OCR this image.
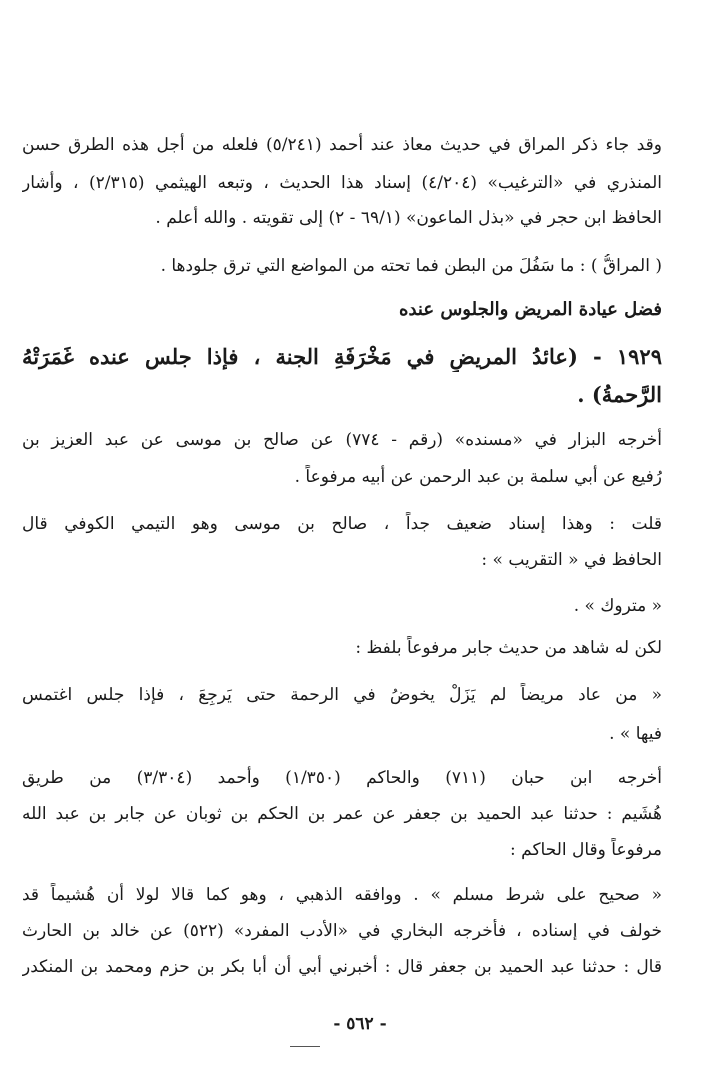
وقد جاء ذكر المراق في حديث معاذ عند أحمد (٥/٢٤١) فلعله من أجل هذه الطرق حسن
المنذري في «الترغيب» (٤/٢٠٤) إسناد هذا الحديث ، وتبعه الهيثمي (٢/٣١٥) ، وأشار
الحافظ ابن حجر في «بذل الماعون» (٦٩/١ - ٢) إلى تقويته . والله أعلم .
( المراقُّ ) : ما سَفُلَ من البطن فما تحته من المواضع التي ترق جلودها .
فضل عيادة المريض والجلوس عنده
١٩٢٩ - (عائدُ المريضِ في مَخْرَفَةِ الجنة ، فإذا جلس عنده غَمَرَتْهُ
الرَّحمةُ) .
أخرجه البزار في «مسنده» (رقم - ٧٧٤) عن صالح بن موسى عن عبد العزيز بن
رُفيع عن أبي سلمة بن عبد الرحمن عن أبيه مرفوعاً .
قلت : وهذا إسناد ضعيف جداً ، صالح بن موسى وهو التيمي الكوفي قال
الحافظ في « التقريب » :
« متروك » .
لكن له شاهد من حديث جابر مرفوعاً بلفظ :
« من عاد مريضاً لم يَزَلْ يخوضُ في الرحمة حتى يَرجِعَ ، فإذا جلس اغتمس
فيها » .
أخرجه ابن حبان (٧١١) والحاكم (١/٣٥٠) وأحمد (٣/٣٠٤) من طريق
هُشَيم : حدثنا عبد الحميد بن جعفر عن عمر بن الحكم بن ثوبان عن جابر بن عبد الله
مرفوعاً وقال الحاكم :
« صحيح على شرط مسلم » . ووافقه الذهبي ، وهو كما قالا لولا أن هُشيماً قد
خولف في إسناده ، فأخرجه البخاري في «الأدب المفرد» (٥٢٢) عن خالد بن الحارث
قال : حدثنا عبد الحميد بن جعفر قال : أخبرني أبي أن أبا بكر بن حزم ومحمد بن المنكدر
- ٥٦٢ -
